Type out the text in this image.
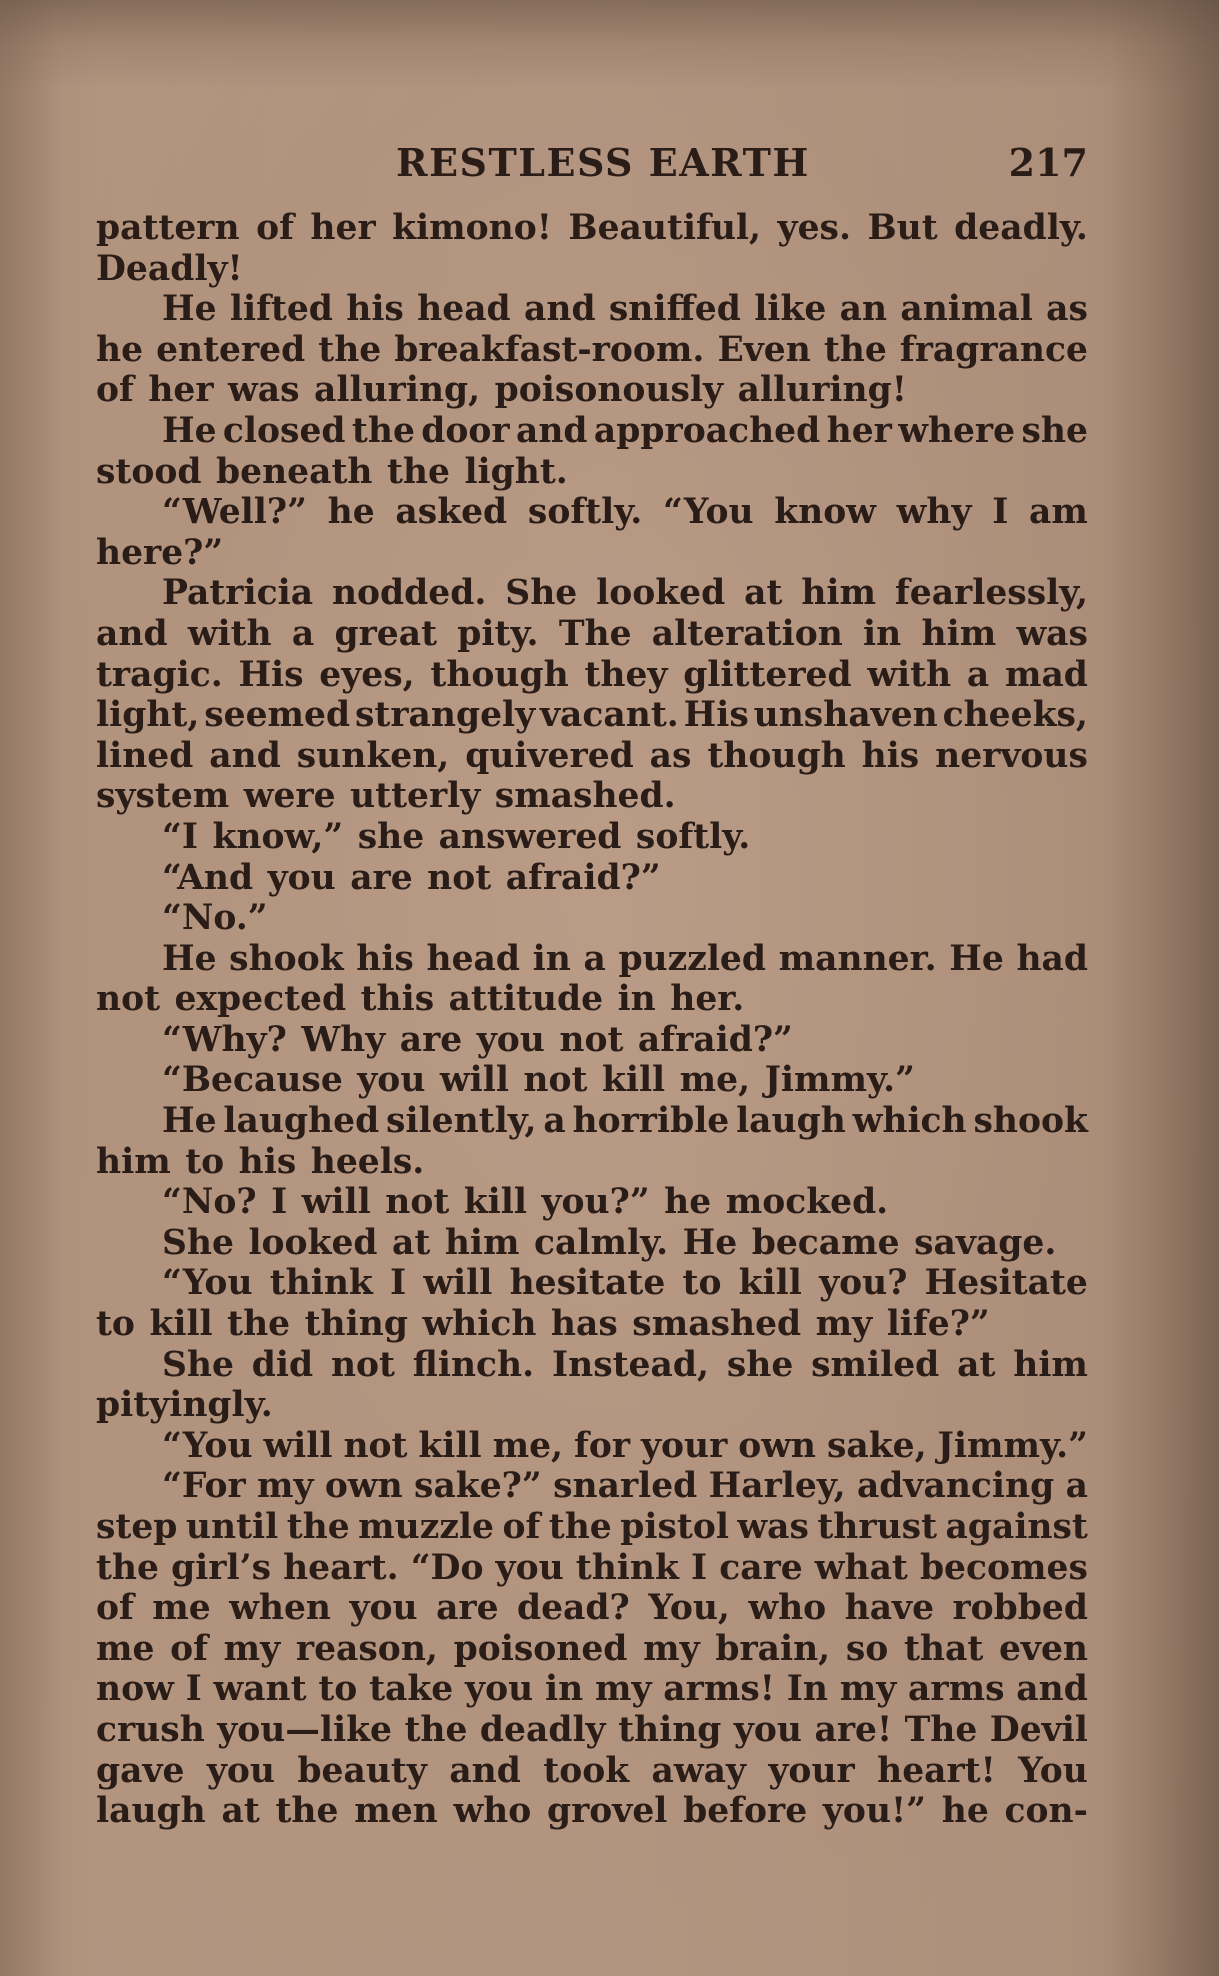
RESTLESS EARTH	217
pattern of her kimono! Beautiful, yes. But deadly.
Deadly!
He lifted his head and sniffed like an animal as
he entered the breakfast-room. Even the fragrance
of her was alluring, poisonously alluring!
He closed the door and approached her where she
stood beneath the light.
“Well?” he asked softly. “You know why I am
here?”
Patricia nodded. She looked at him fearlessly,
and with a great pity. The alteration in him was
tragic. His eyes, though they glittered with a mad
light, seemed strangely vacant. His unshaven cheeks,
lined and sunken, quivered as though his nervous
system were utterly smashed.
“I know,” she answered softly.
“And you are not afraid?”
“No.”
He shook his head in a puzzled manner. He had
not expected this attitude in her.
“Why? Why are you not afraid?”
“Because you will not kill me, Jimmy.”
He laughed silently, a horrible laugh which shook
him to his heels.
“No? I will not kill you?” he mocked.
She looked at him calmly. He became savage.
“You think I will hesitate to kill you? Hesitate
to kill the thing which has smashed my life?”
She did not flinch. Instead, she smiled at him
pityingly.
“You will not kill me, for your own sake, Jimmy.”
“For my own sake?” snarled Harley, advancing a
step until the muzzle of the pistol was thrust against
the girl’s heart. “Do you think I care what becomes
of me when you are dead? You, who have robbed
me of my reason, poisoned my brain, so that even
now I want to take you in my arms! In my arms and
crush you—like the deadly thing you are! The Devil
gave you beauty and took away your heart! You
laugh at the men who grovel before you!” he con-
